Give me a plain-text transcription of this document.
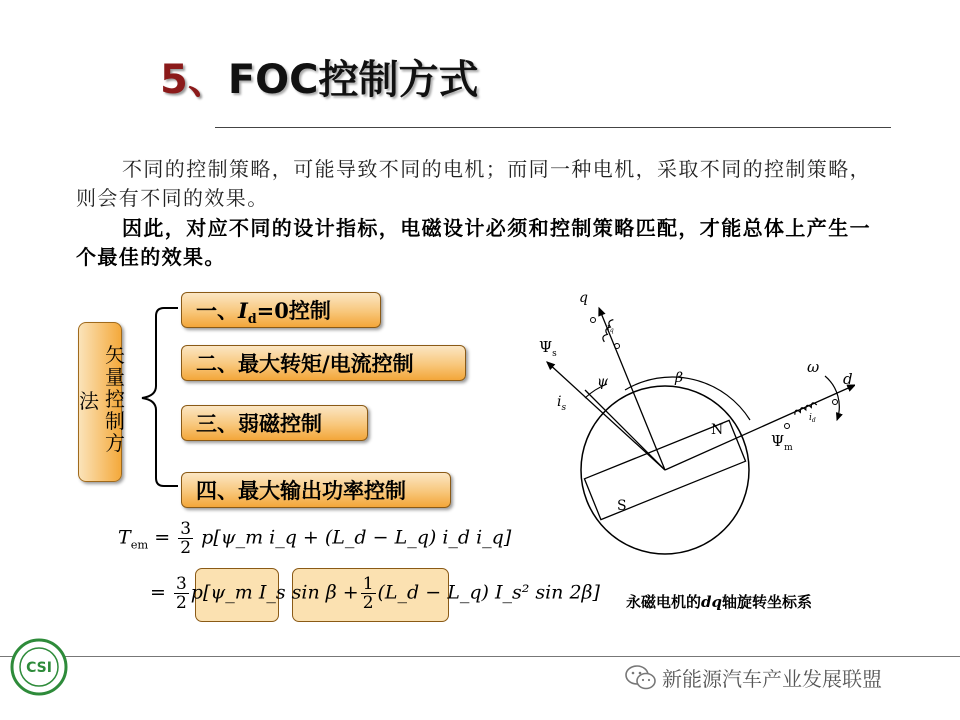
5、FOC控制方式
不同的控制策略，可能导致不同的电机；而同一种电机，采取不同的控制策略，则会有不同的效果。
因此，对应不同的设计指标，电磁设计必须和控制策略匹配，才能总体上产生一个最佳的效果。
矢
量
控
制
方
法
一、$I_d=0$控制
二、最大转矩/电流控制
三、弱磁控制
四、最大输出功率控制
$T_{em} = \frac{3}{2}$ p[ψ_m i_q + (L_d − L_q) i_d i_q]
= $\frac{3}{2}$ p[ψ_m I_s $\sin \beta + \frac{1}{2}$ (L_d − L_q) I_s² sin 2β]
q
d
$\Psi_s$
$i_s$
ψ	β
ω
$i_q$
$i_d$
$\Psi_m$
N
S
永磁电机的dq轴旋转坐标系
CSI	新能源汽车产业发展联盟
